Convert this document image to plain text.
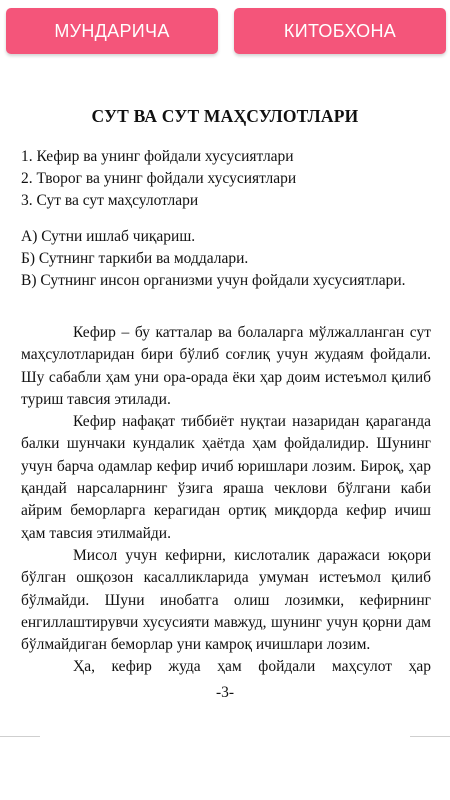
МУНДАРИЧА	КИТОБХОНА
СУТ ВА СУТ МАҲСУЛОТЛАРИ
1. Кефир ва унинг фойдали хусусиятлари
2. Творог ва унинг фойдали хусусиятлари
3. Сут ва сут маҳсулотлари
А) Сутни ишлаб чиқариш.
Б) Сутнинг таркиби ва моддалари.
В) Сутнинг инсон организми учун фойдали хусусиятлари.

Кефир – бу катталар ва болаларга мўлжалланган сут маҳсулотларидан бири бўлиб соғлиқ учун жудаям фойдали. Шу сабабли ҳам уни ора-орада ёки ҳар доим истеъмол қилиб туриш тавсия этилади.

Кефир нафақат тиббиёт нуқтаи назаридан қараганда балки шунчаки кундалик ҳаётда ҳам фойдалидир. Шунинг учун барча одамлар кефир ичиб юришлари лозим. Бироқ, ҳар қандай нарсаларнинг ўзига яраша чеклови бўлгани каби айрим беморларга керагидан ортиқ миқдорда кефир ичиш ҳам тавсия этилмайди.

Мисол учун кефирни, кислоталик даражаси юқори бўлган ошқозон касалликларида умуман истеъмол қилиб бўлмайди. Шуни инобатга олиш лозимки, кефирнинг енгиллаштирувчи хусусияти мавжуд, шунинг учун қорни дам бўлмайдиган беморлар уни камроқ ичишлари лозим.

Ҳа, кефир жуда ҳам фойдали маҳсулот ҳар

-3-
